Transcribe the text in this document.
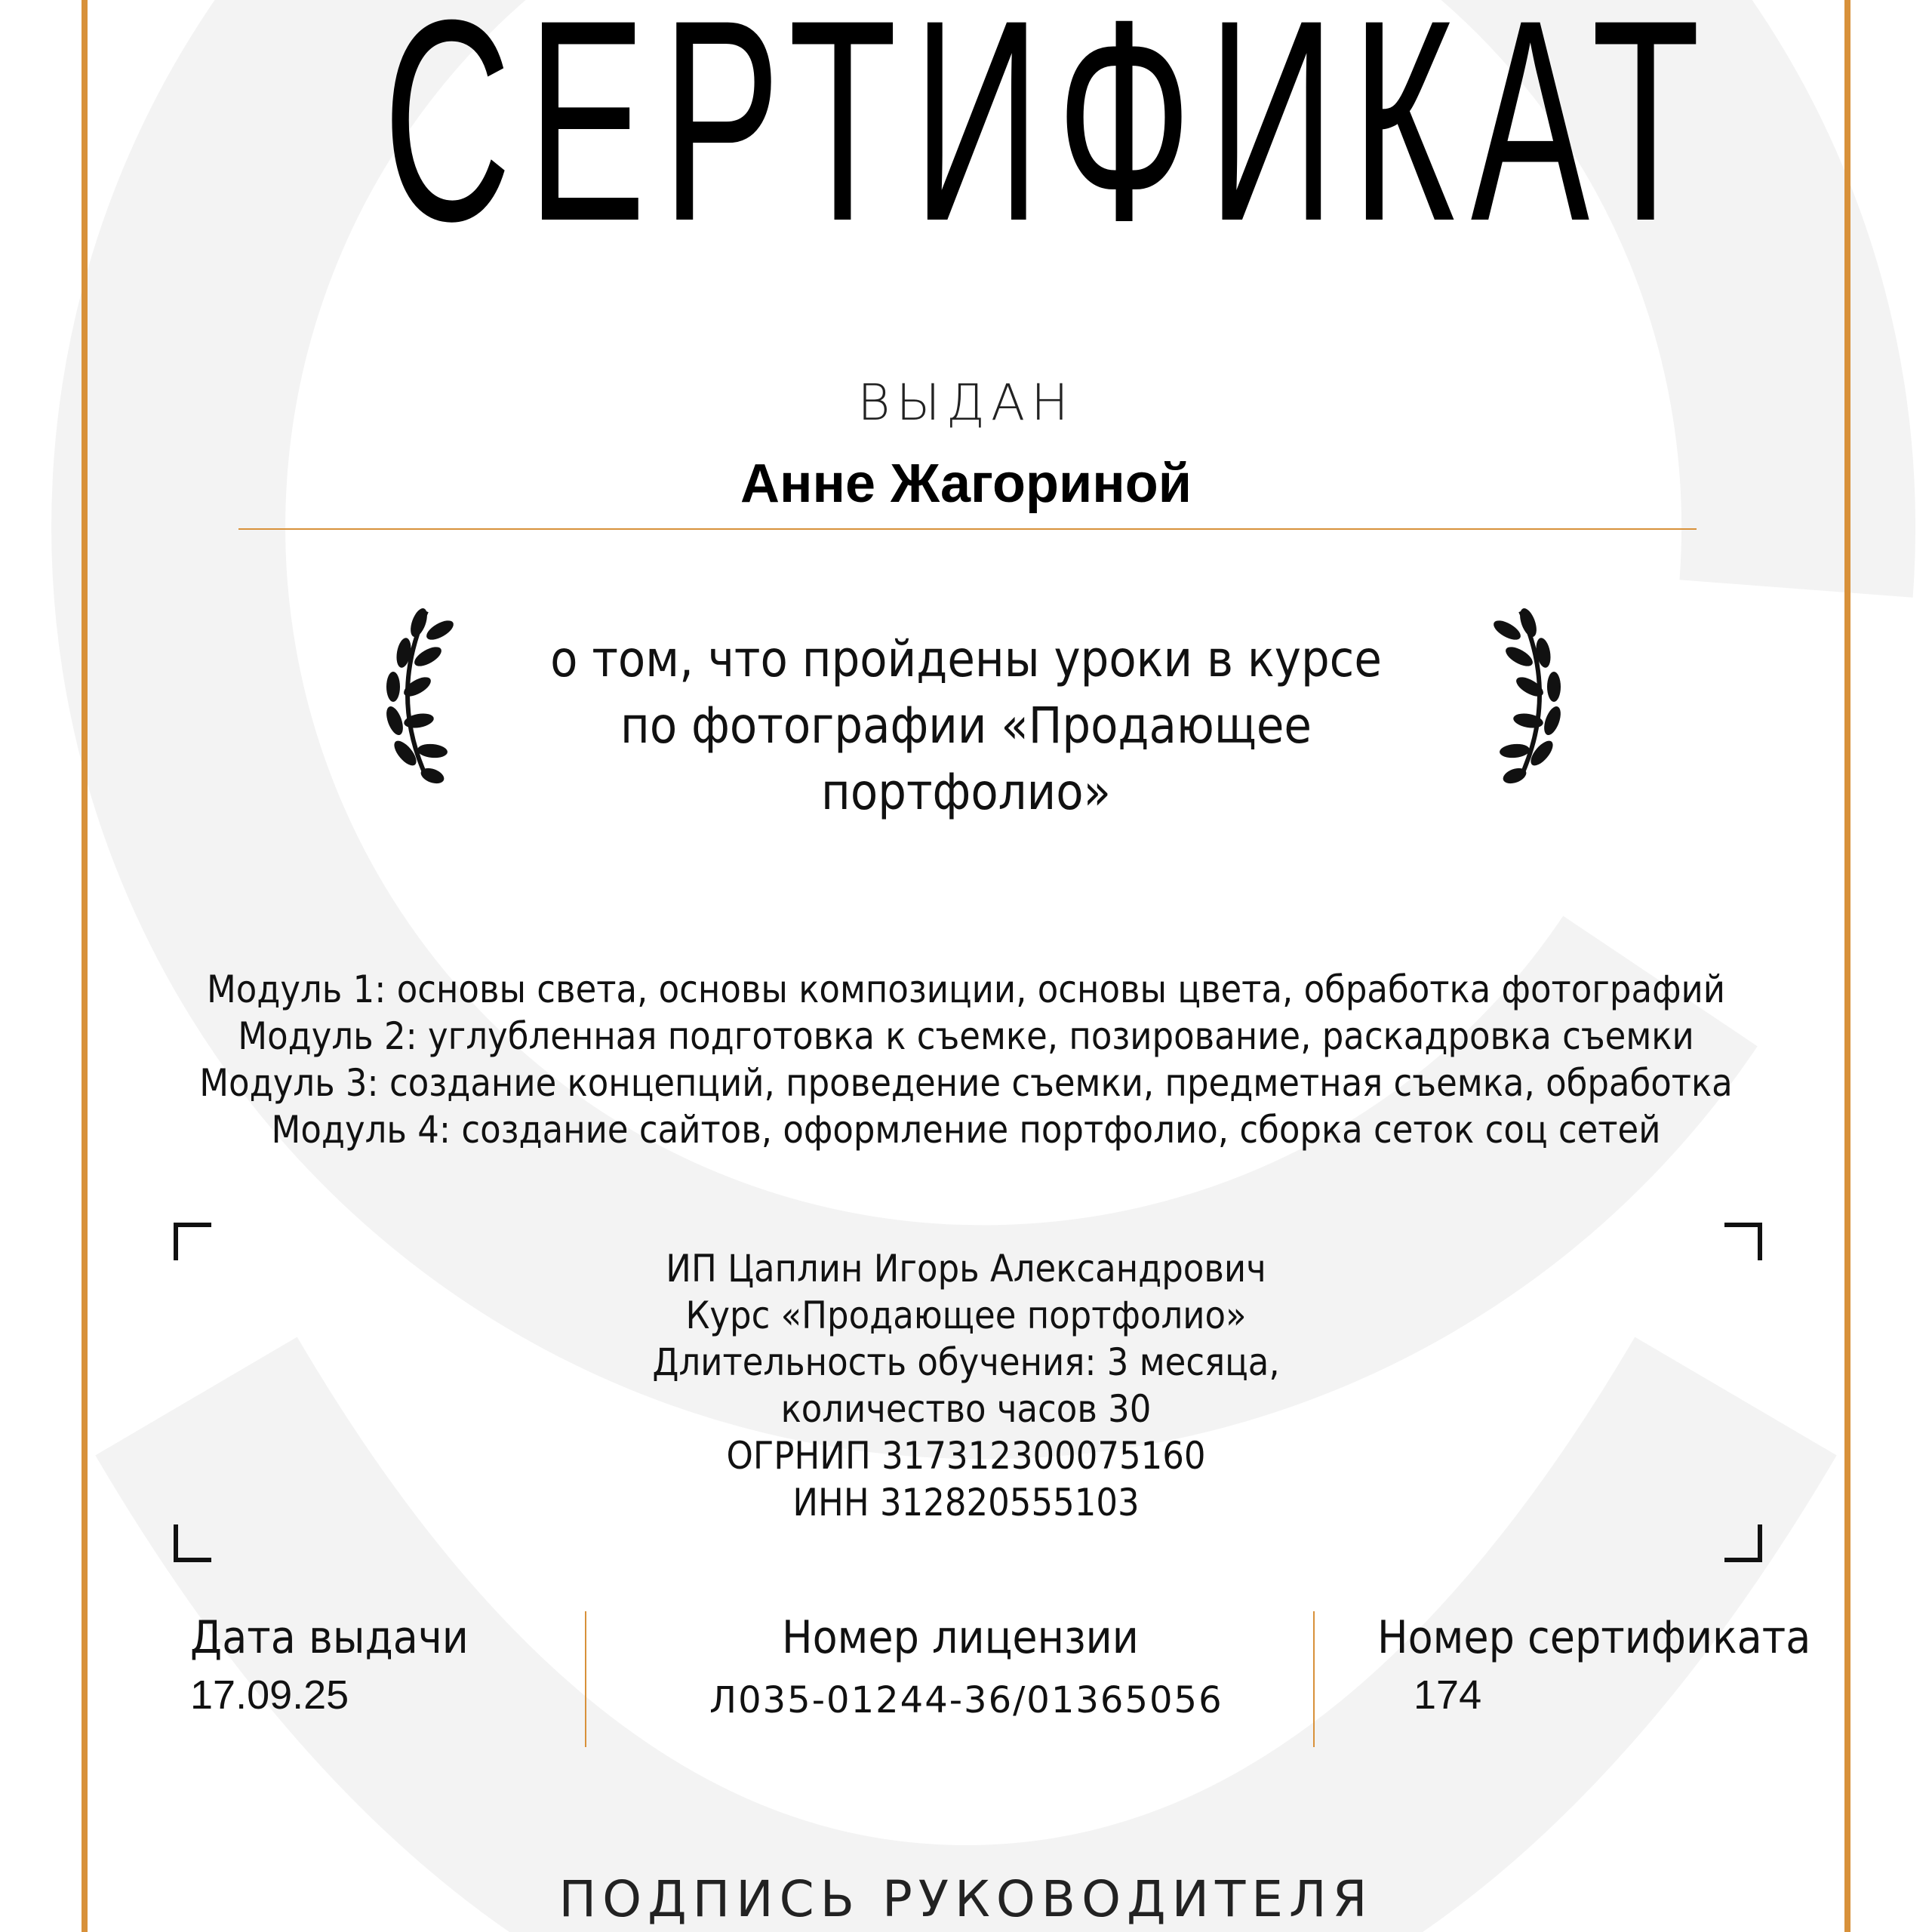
СЕРТИФИКАТ
ВЫДАН
Анне Жагориной
о том, что пройдены уроки в курсе
по фотографии «Продающее
портфолио»
Модуль 1: основы света, основы композиции, основы цвета, обработка фотографий
Модуль 2: углубленная подготовка к съемке, позирование, раскадровка съемки
Модуль 3: создание концепций, проведение съемки, предметная съемка, обработка
Модуль 4: создание сайтов, оформление портфолио, сборка сеток соц сетей
ИП Цаплин Игорь Александрович
Курс «Продающее портфолио»
Длительность обучения: 3 месяца,
количество часов 30
ОГРНИП 317312300075160
ИНН 312820555103
Дата выдачи
17.09.25
Номер лицензии
Л035-01244-36/01365056
Номер сертификата
174
ПОДПИСЬ РУКОВОДИТЕЛЯ
